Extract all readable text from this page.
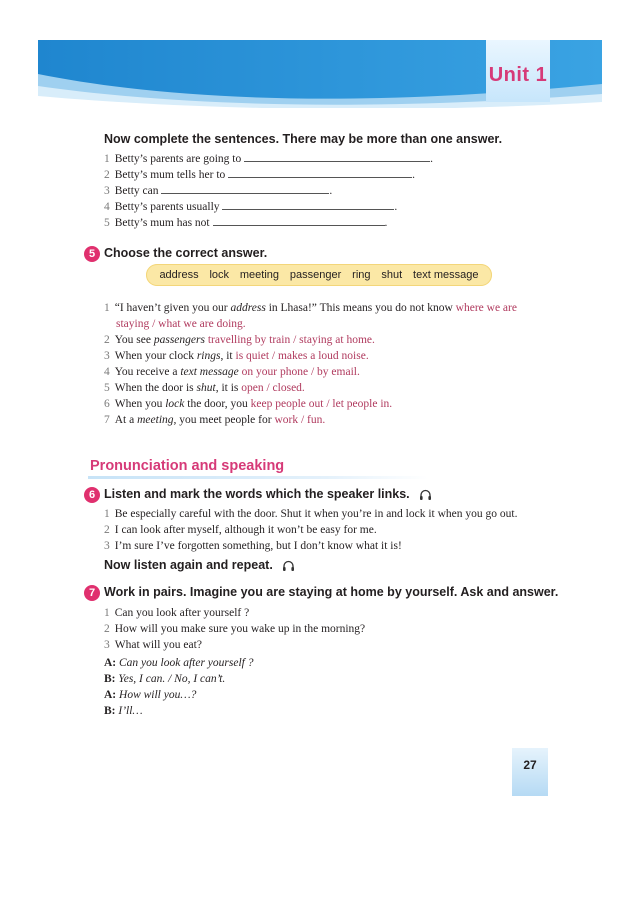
Unit 1
Now complete the sentences. There may be more than one answer.
1 Betty’s parents are going to	.
2 Betty’s mum tells her to	.
3 Betty can	.
4 Betty’s parents usually	.
5 Betty’s mum has not	.
5 Choose the correct answer.
address lock meeting passenger ring shut text message
1 “I haven’t given you our address in Lhasa!” This means you do not know where we are
staying / what we are doing.
2 You see passengers travelling by train / staying at home.
3 When your clock rings, it is quiet / makes a loud noise.
4 You receive a text message on your phone / by email.
5 When the door is shut, it is open / closed.
6 When you lock the door, you keep people out / let people in.
7 At a meeting, you meet people for work / fun.
Pronunciation and speaking
6 Listen and mark the words which the speaker links.
1 Be especially careful with the door. Shut it when you’re in and lock it when you go out.
2 I can look after myself, although it won’t be easy for me.
3 I’m sure I’ve forgotten something, but I don’t know what it is!
Now listen again and repeat.
7 Work in pairs. Imagine you are staying at home by yourself. Ask and answer.
1 Can you look after yourself ?
2 How will you make sure you wake up in the morning?
3 What will you eat?
A: Can you look after yourself ?
B: Yes, I can. / No, I can’t.
A: How will you…?
B: I’ll…
27
